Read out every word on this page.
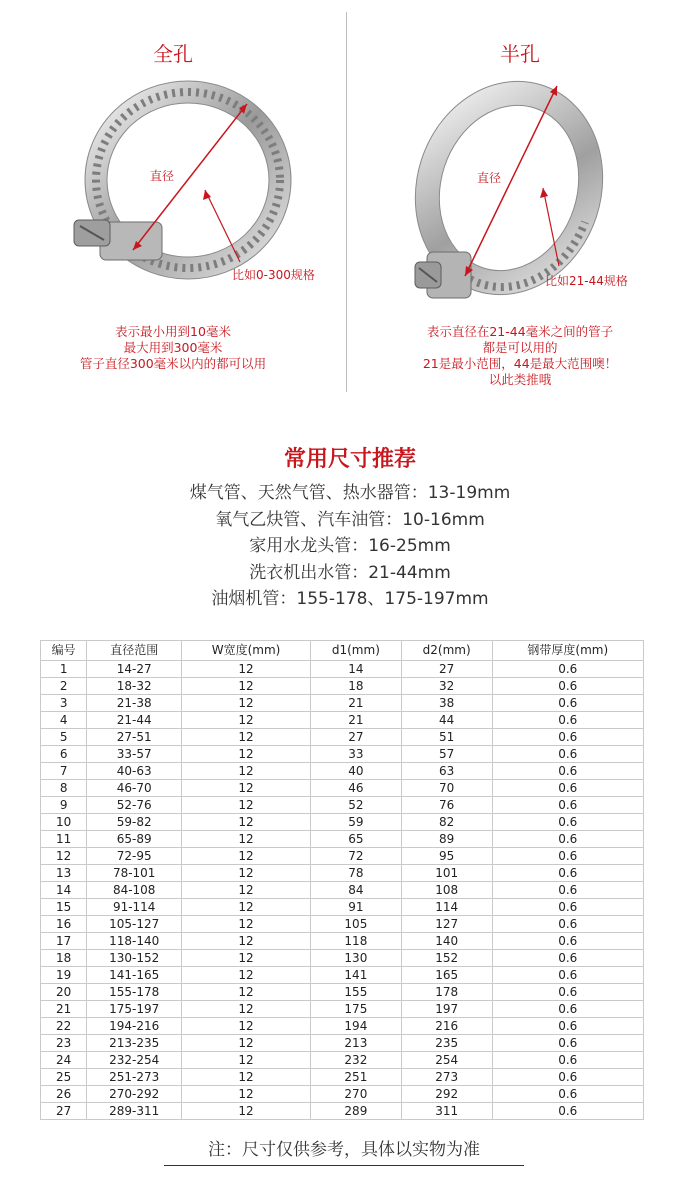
全孔
直径
比如0-300规格
表示最小用到10毫米
最大用到300毫米
管子直径300毫米以内的都可以用
半孔
直径
比如21-44规格
表示直径在21-44毫米之间的管子
都是可以用的
21是最小范围，44是最大范围噢！
以此类推哦
常用尺寸推荐
煤气管、天然气管、热水器管：13-19mm
氧气乙炔管、汽车油管：10-16mm
家用水龙头管：16-25mm
洗衣机出水管：21-44mm
油烟机管：155-178、175-197mm
编号	直径范围	W宽度(mm)	d1(mm)	d2(mm)	钢带厚度(mm)
1	14-27	12	14	27	0.6
2	18-32	12	18	32	0.6
3	21-38	12	21	38	0.6
4	21-44	12	21	44	0.6
5	27-51	12	27	51	0.6
6	33-57	12	33	57	0.6
7	40-63	12	40	63	0.6
8	46-70	12	46	70	0.6
9	52-76	12	52	76	0.6
10	59-82	12	59	82	0.6
11	65-89	12	65	89	0.6
12	72-95	12	72	95	0.6
13	78-101	12	78	101	0.6
14	84-108	12	84	108	0.6
15	91-114	12	91	114	0.6
16	105-127	12	105	127	0.6
17	118-140	12	118	140	0.6
18	130-152	12	130	152	0.6
19	141-165	12	141	165	0.6
20	155-178	12	155	178	0.6
21	175-197	12	175	197	0.6
22	194-216	12	194	216	0.6
23	213-235	12	213	235	0.6
24	232-254	12	232	254	0.6
25	251-273	12	251	273	0.6
26	270-292	12	270	292	0.6
27	289-311	12	289	311	0.6
注：尺寸仅供参考，具体以实物为准
